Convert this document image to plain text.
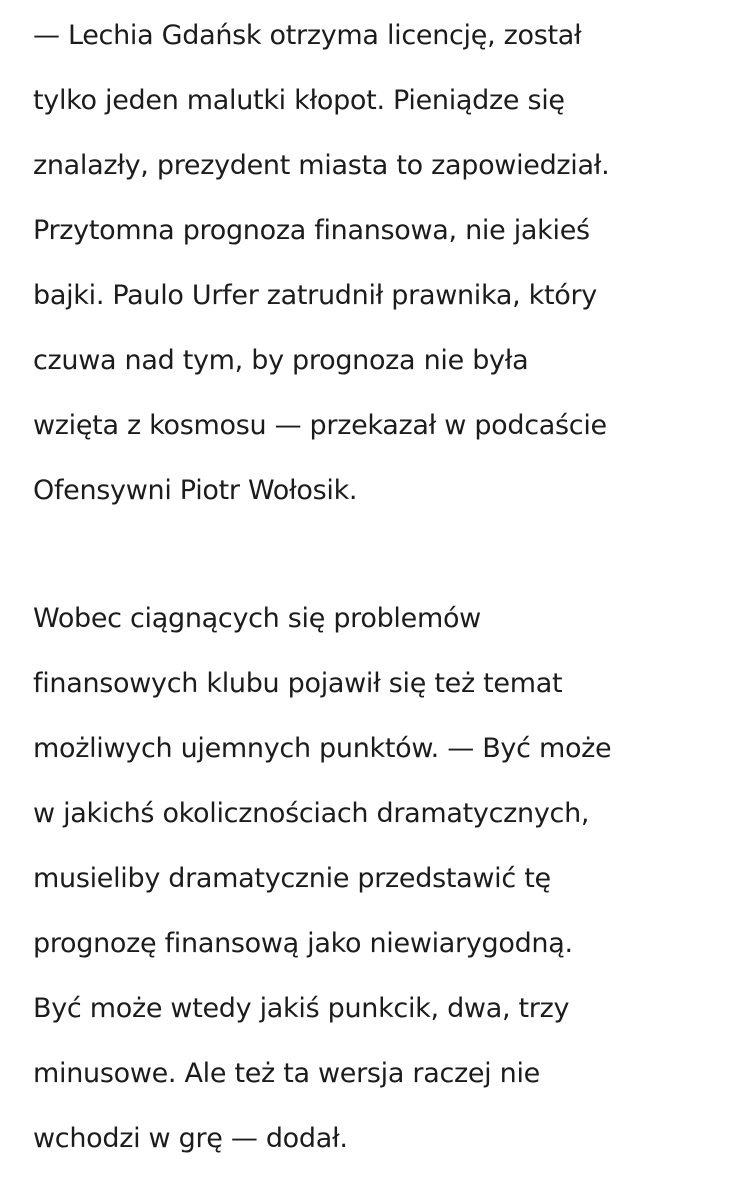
— Lechia Gdańsk otrzyma licencję, został
tylko jeden malutki kłopot. Pieniądze się
znalazły, prezydent miasta to zapowiedział.
Przytomna prognoza finansowa, nie jakieś
bajki. Paulo Urfer zatrudnił prawnika, który
czuwa nad tym, by prognoza nie była
wzięta z kosmosu — przekazał w podcaście
Ofensywni Piotr Wołosik.

Wobec ciągnących się problemów
finansowych klubu pojawił się też temat
możliwych ujemnych punktów. — Być może
w jakichś okolicznościach dramatycznych,
musieliby dramatycznie przedstawić tę
prognozę finansową jako niewiarygodną.
Być może wtedy jakiś punkcik, dwa, trzy
minusowe. Ale też ta wersja raczej nie
wchodzi w grę — dodał.
